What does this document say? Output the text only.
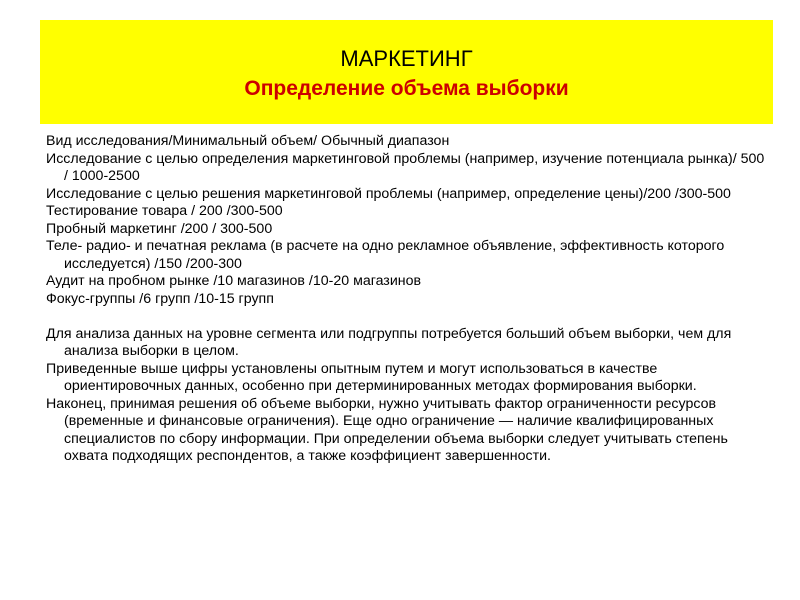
МАРКЕТИНГ
Определение объема выборки

Вид исследования/Минимальный объем/ Обычный диапазон

Исследование с целью определения маркетинговой проблемы (например, изучение потенциала рынка)/ 500 / 1000-2500

Исследование с целью решения маркетинговой проблемы (например, определение цены)/200 /300-500

Тестирование товара / 200 /300-500

Пробный маркетинг /200 / 300-500

Теле- радио- и печатная реклама (в расчете на одно рекламное объявление, эффективность которого исследуется) /150 /200-300

Аудит на пробном рынке /10 магазинов /10-20 магазинов

Фокус-группы /6 групп /10-15 групп

Для анализа данных на уровне сегмента или подгруппы потребуется больший объем выборки, чем для анализа выборки в целом.

Приведенные выше цифры установлены опытным путем и могут использоваться в качестве ориентировочных данных, особенно при детерминированных методах формирования выборки.

Наконец, принимая решения об объеме выборки, нужно учитывать фактор ограниченности ресурсов (временные и финансовые ограничения). Еще одно ограничение — наличие квалифицированных специалистов по сбору информации. При определении объема выборки следует учитывать степень охвата подходящих респондентов, а также коэффициент завершенности.
